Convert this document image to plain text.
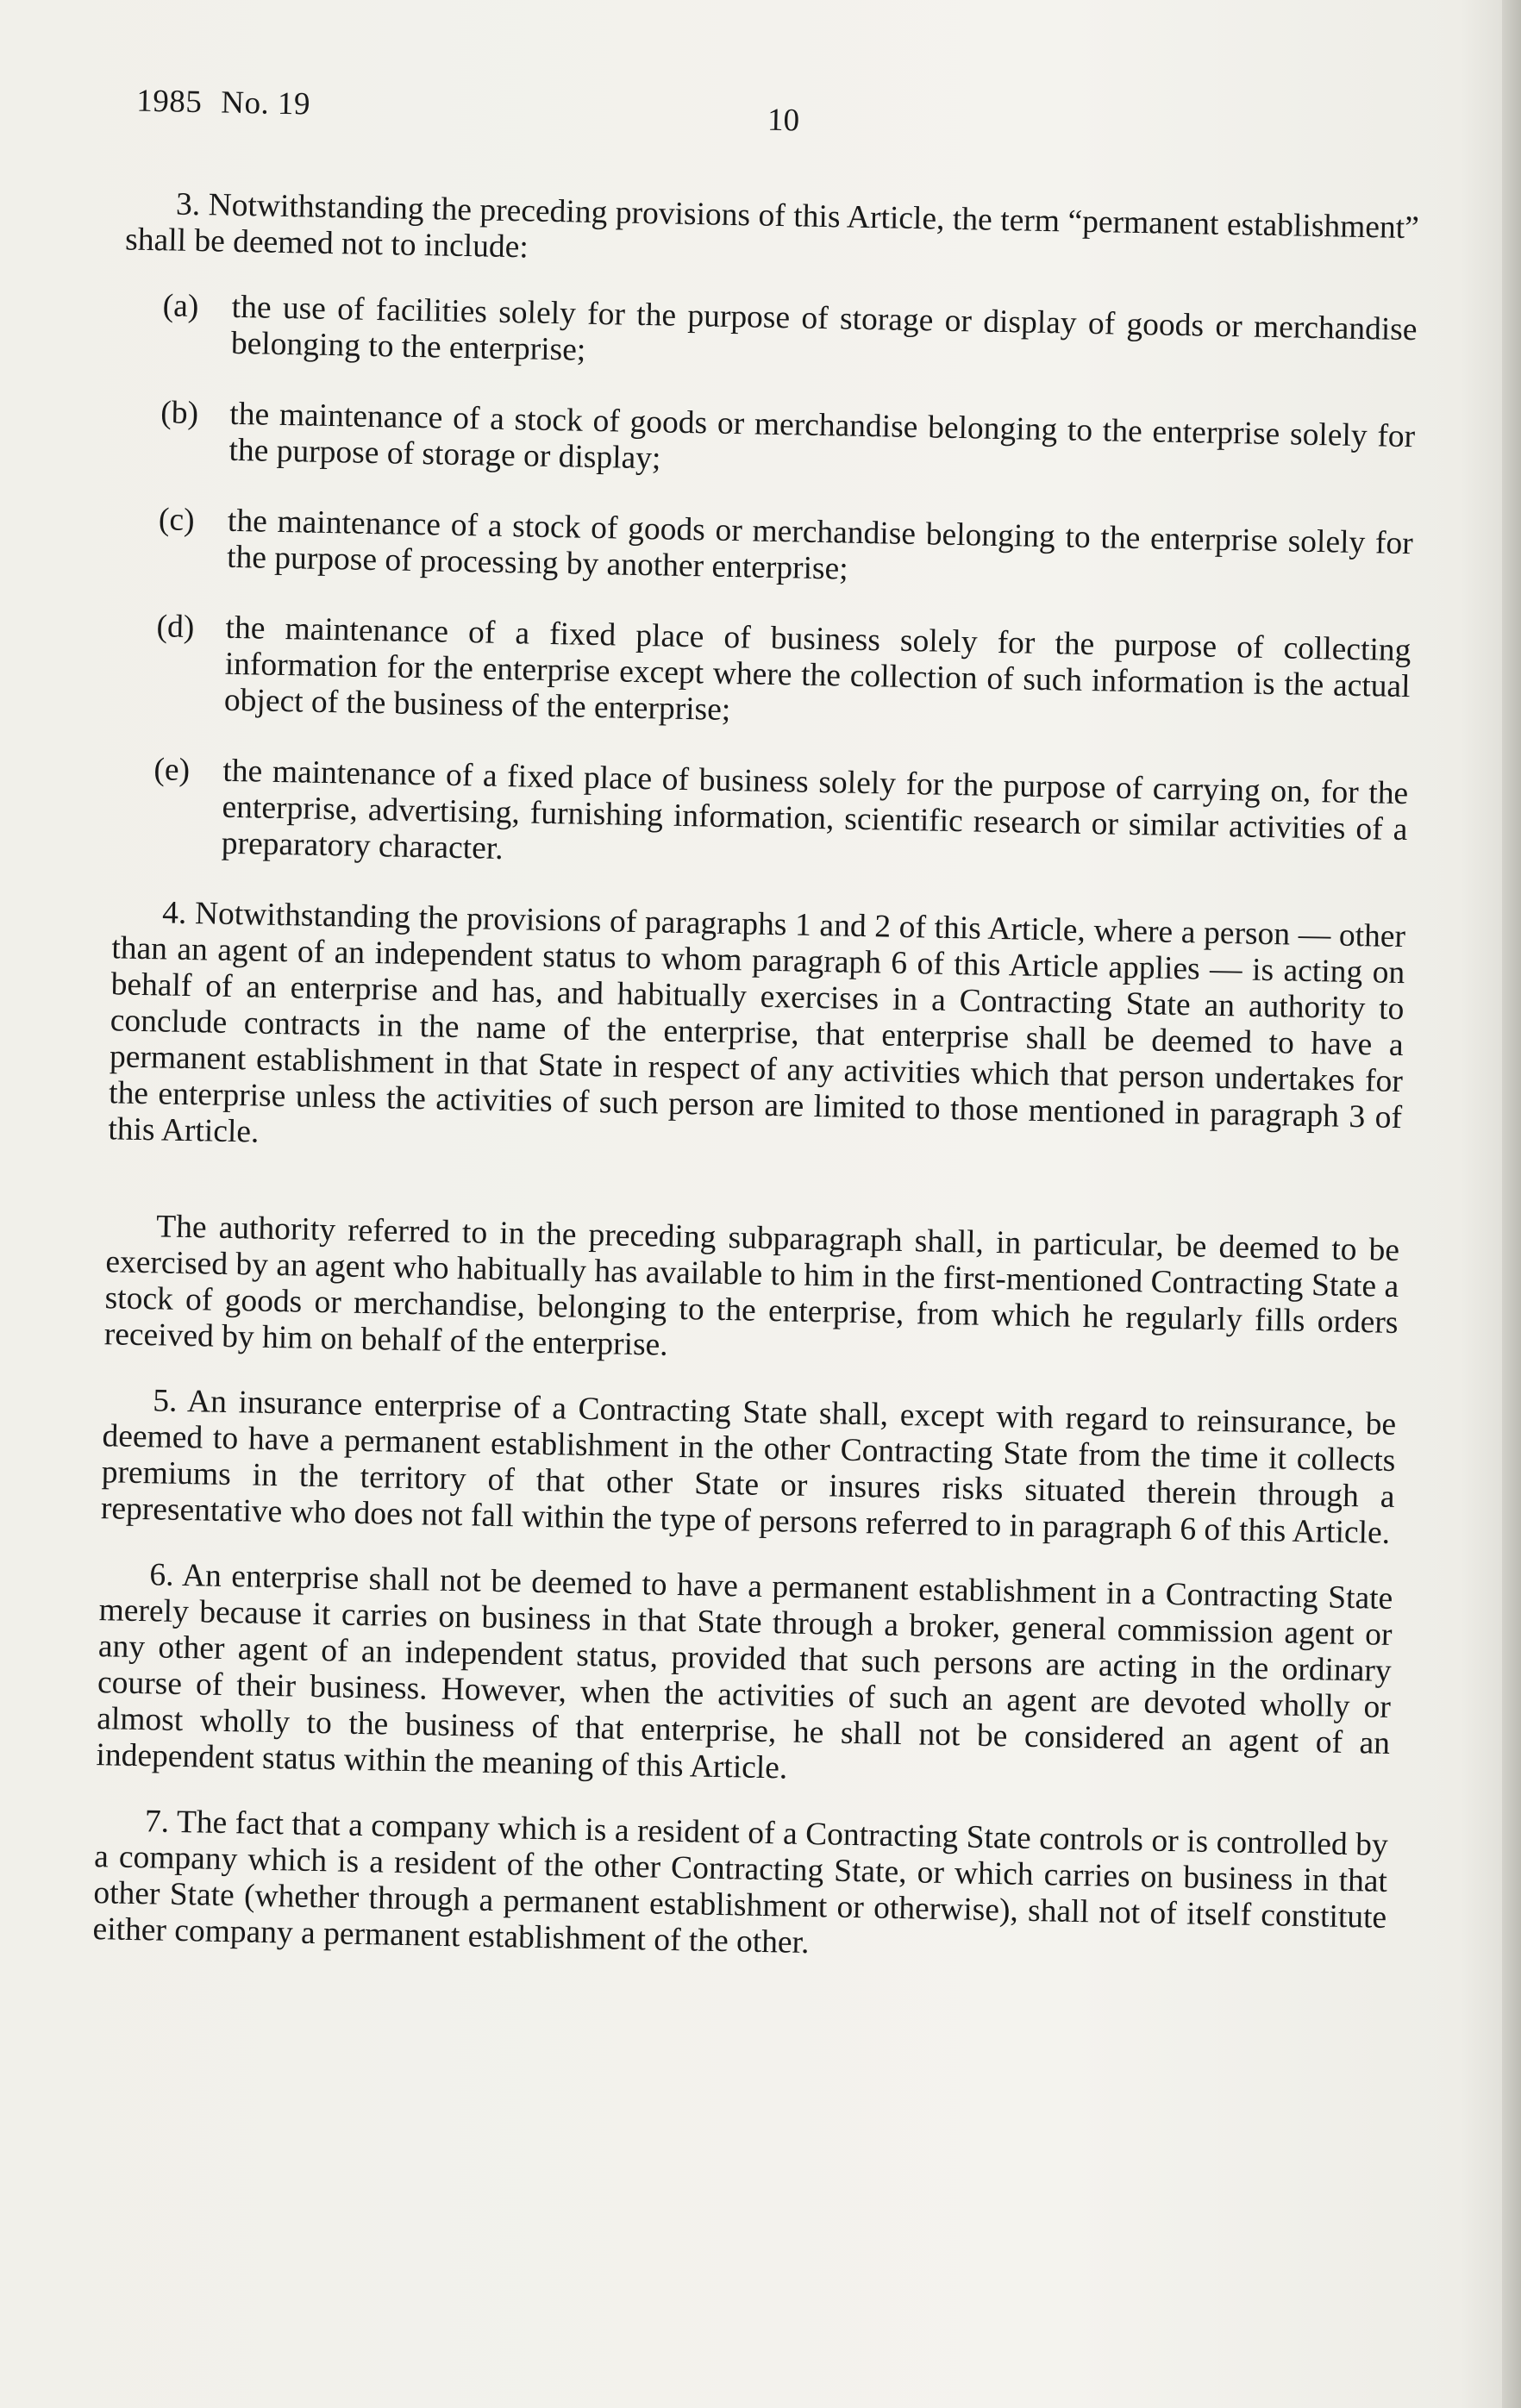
1985 No. 19	10

3. Notwithstanding the preceding provisions of this Article, the term “permanent establishment” shall be deemed not to include:

(a)	the use of facilities solely for the purpose of storage or display of goods or merchandise belonging to the enterprise;
(b) the maintenance of a stock of goods or merchandise belonging to the enterprise solely for the purpose of storage or display;
(c)	the maintenance of a stock of goods or merchandise belonging to the enterprise solely for the purpose of processing by another enterprise;
(d) the maintenance of a fixed place of business solely for the purpose of collecting information for the enterprise except where the collection of such information is the actual object of the business of the enterprise;
(e)	the maintenance of a fixed place of business solely for the purpose of carrying on, for the enterprise, advertising, furnishing information, scientific research or similar activities of a preparatory character.

4. Notwithstanding the provisions of paragraphs 1 and 2 of this Article, where a person — other than an agent of an independent status to whom paragraph 6 of this Article applies — is acting on behalf of an enterprise and has, and habitually exercises in a Contracting State an authority to conclude contracts in the name of the enterprise, that enterprise shall be deemed to have a permanent establishment in that State in respect of any activities which that person undertakes for the enterprise unless the activities of such person are limited to those mentioned in paragraph 3 of this Article.

The authority referred to in the preceding subparagraph shall, in particular, be deemed to be exercised by an agent who habitually has available to him in the first-mentioned Contracting State a stock of goods or merchandise, belonging to the enterprise, from which he regularly fills orders received by him on behalf of the enterprise.

5. An insurance enterprise of a Contracting State shall, except with regard to reinsurance, be deemed to have a permanent establishment in the other Contracting State from the time it collects premiums in the territory of that other State or insures risks situated therein through a representative who does not fall within the type of persons referred to in paragraph 6 of this Article.

6. An enterprise shall not be deemed to have a permanent establishment in a Contracting State merely because it carries on business in that State through a broker, general commission agent or any other agent of an independent status, provided that such persons are acting in the ordinary course of their business. However, when the activities of such an agent are devoted wholly or almost wholly to the business of that enterprise, he shall not be considered an agent of an independent status within the meaning of this Article.

7. The fact that a company which is a resident of a Contracting State controls or is controlled by a company which is a resident of the other Contracting State, or which carries on business in that other State (whether through a permanent establishment or otherwise), shall not of itself constitute either company a permanent establishment of the other.
